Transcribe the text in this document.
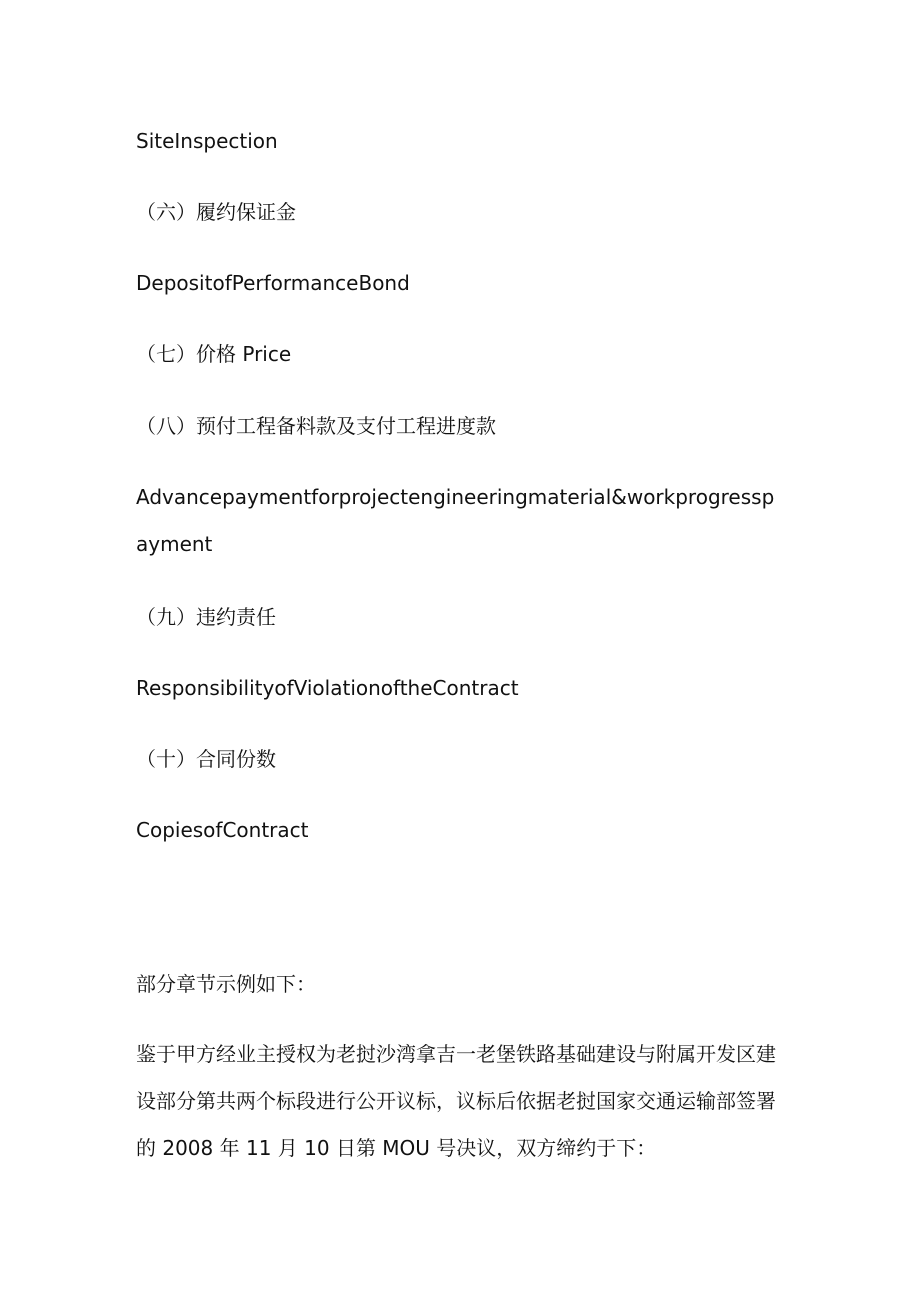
SiteInspection
（六）履约保证金
DepositofPerformanceBond
（七）价格 Price
（八）预付工程备料款及支付工程进度款
Advancepaymentforprojectengineeringmaterial&workprogresspayment
（九）违约责任
ResponsibilityofViolationoftheContract
（十）合同份数
CopiesofContract
部分章节示例如下：
鉴于甲方经业主授权为老挝沙湾拿吉一老堡铁路基础建设与附属开发区建设部分第共两个标段进行公开议标，议标后依据老挝国家交通运输部签署的 2008 年 11 月 10 日第 MOU 号决议，双方缔约于下：
